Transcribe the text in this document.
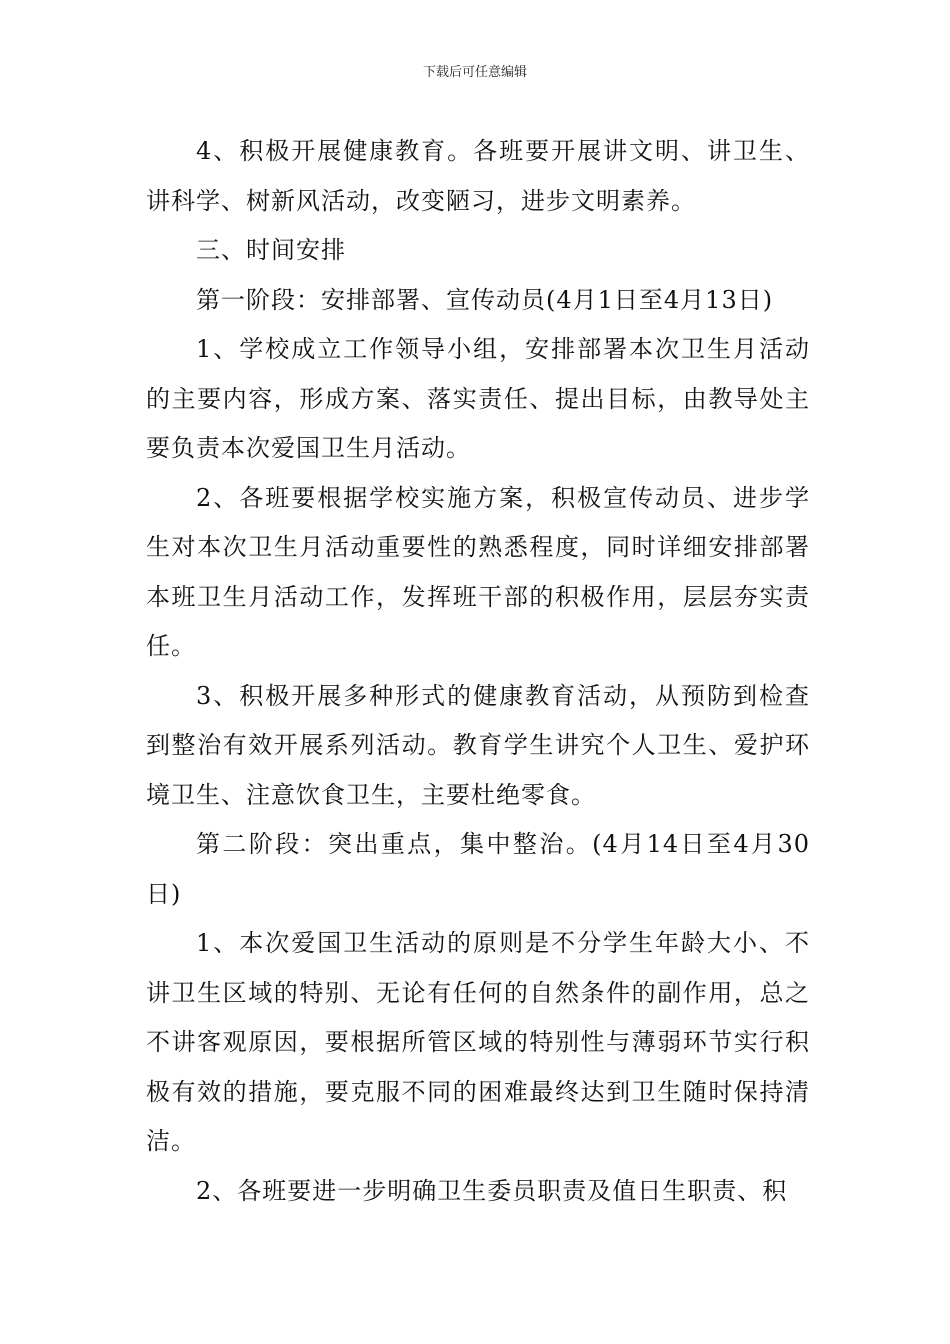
下载后可任意编辑

4、积极开展健康教育。各班要开展讲文明、讲卫生、讲科学、树新风活动，改变陋习，进步文明素养。

三、时间安排

第一阶段：安排部署、宣传动员(4月1日至4月13日)

1、学校成立工作领导小组，安排部署本次卫生月活动的主要内容，形成方案、落实责任、提出目标，由教导处主要负责本次爱国卫生月活动。

2、各班要根据学校实施方案，积极宣传动员、进步学生对本次卫生月活动重要性的熟悉程度，同时详细安排部署本班卫生月活动工作，发挥班干部的积极作用，层层夯实责任。

3、积极开展多种形式的健康教育活动，从预防到检查到整治有效开展系列活动。教育学生讲究个人卫生、爱护环境卫生、注意饮食卫生，主要杜绝零食。

第二阶段：突出重点，集中整治。(4月14日至4月30日)

1、本次爱国卫生活动的原则是不分学生年龄大小、不讲卫生区域的特别、无论有任何的自然条件的副作用，总之不讲客观原因，要根据所管区域的特别性与薄弱环节实行积极有效的措施，要克服不同的困难最终达到卫生随时保持清洁。

2、各班要进一步明确卫生委员职责及值日生职责、积
